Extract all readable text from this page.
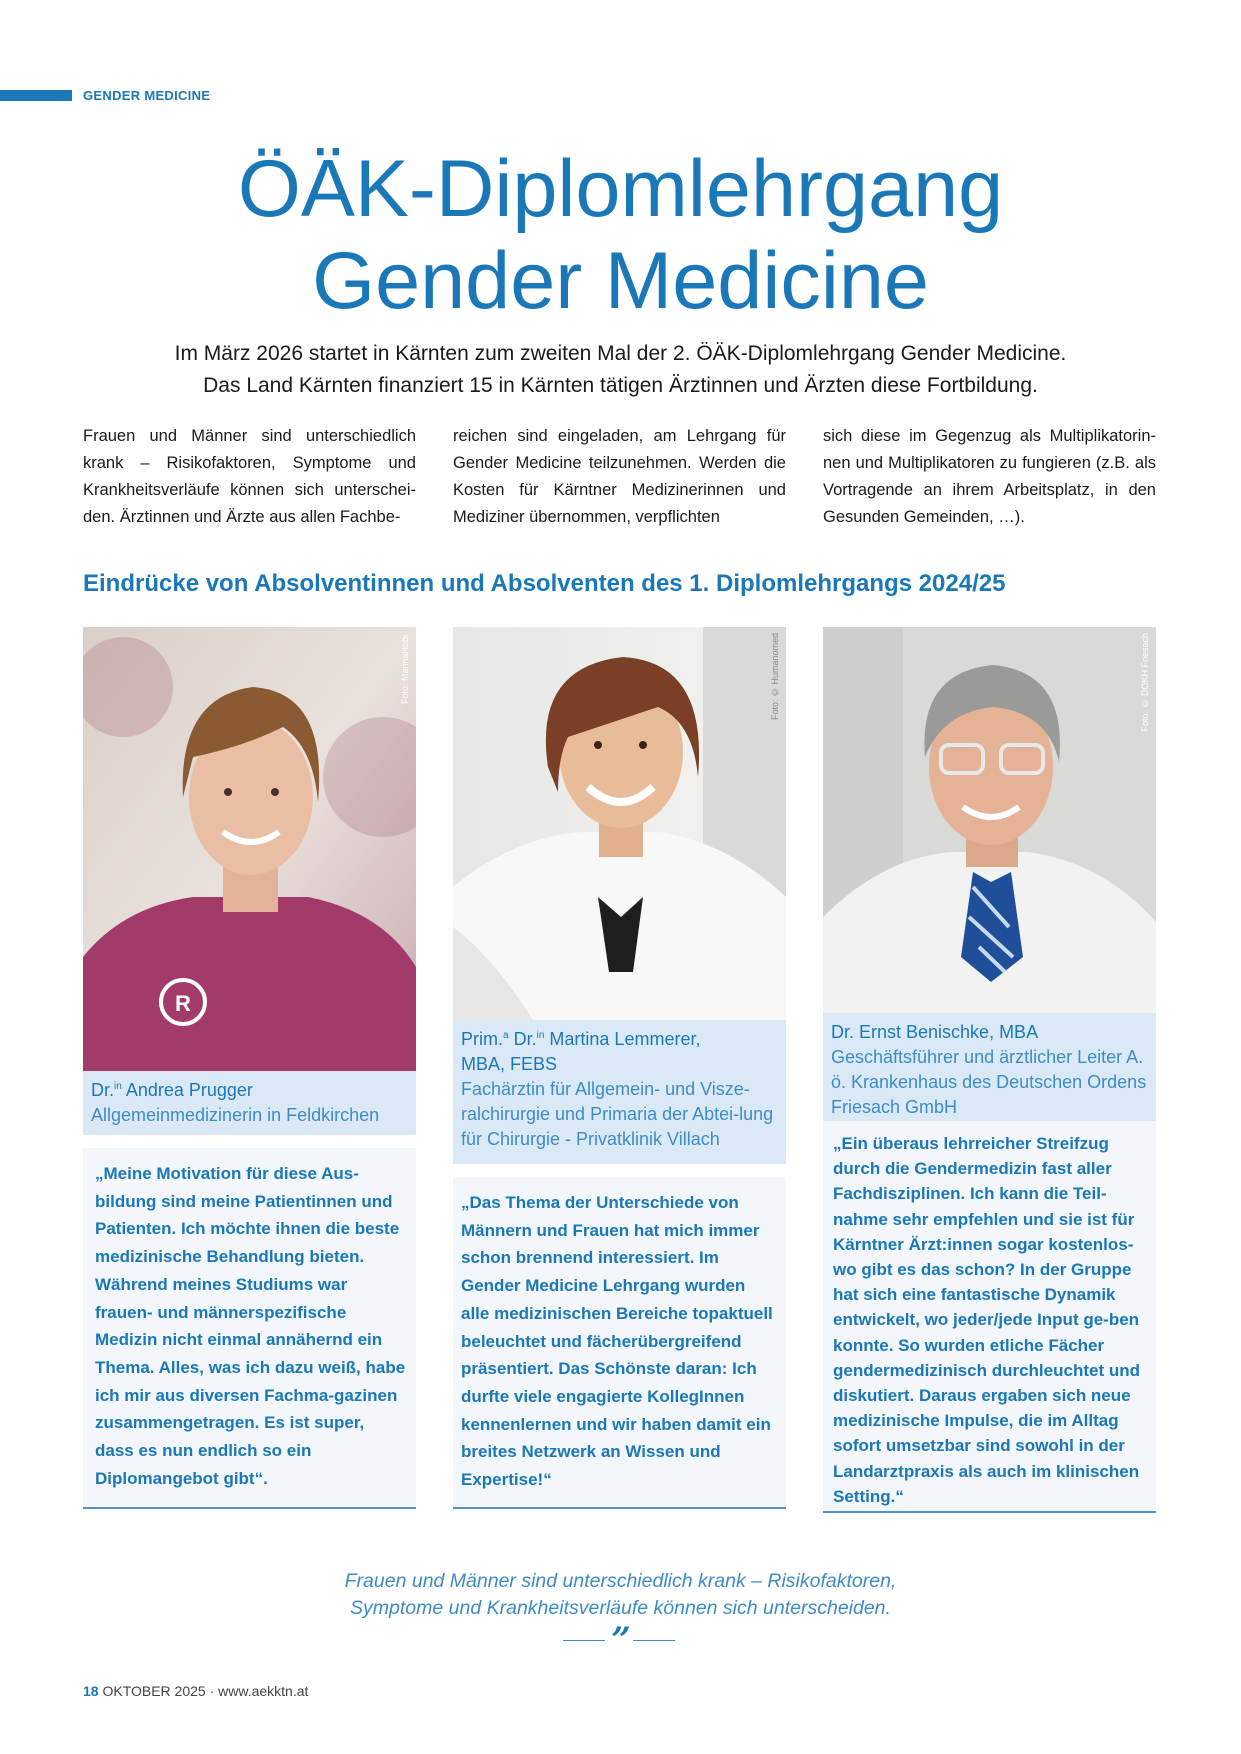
GENDER MEDICINE
ÖÄK-Diplomlehrgang
Gender Medicine
Im März 2026 startet in Kärnten zum zweiten Mal der 2. ÖÄK-Diplomlehrgang Gender Medicine.
Das Land Kärnten finanziert 15 in Kärnten tätigen Ärztinnen und Ärzten diese Fortbildung.

Frauen und Männer sind unterschiedlich krank – Risikofaktoren, Symptome und Krankheitsverläufe können sich unterschei-den. Ärztinnen und Ärzte aus allen Fachbe-

reichen sind eingeladen, am Lehrgang für Gender Medicine teilzunehmen. Werden die Kosten für Kärntner Medizinerinnen und Mediziner übernommen, verpflichten

sich diese im Gegenzug als Multiplikatorin-nen und Multiplikatoren zu fungieren (z.B. als Vortragende an ihrem Arbeitsplatz, in den Gesunden Gemeinden, …).

Eindrücke von Absolventinnen und Absolventen des 1. Diplomlehrgangs 2024/25
R
Foto: MarinaHobi
Dr.$^{in}$ Andrea Prugger
Allgemeinmedizinerin in Feldkirchen
„Meine Motivation für diese Aus-bildung sind meine Patientinnen und Patienten. Ich möchte ihnen die beste medizinische Behandlung bieten. Während meines Studiums war frauen- und männerspezifische Medizin nicht einmal annähernd ein Thema. Alles, was ich dazu weiß, habe ich mir aus diversen Fachma-gazinen zusammengetragen. Es ist super, dass es nun endlich so ein Diplomangebot gibt“.
Foto: © Humanomed
Prim.$^a$ Dr.$^{in}$ Martina Lemmerer,
MBA, FEBS
Fachärztin für Allgemein- und Visze-ralchirurgie und Primaria der Abtei-lung für Chirurgie - Privatklinik Villach
„Das Thema der Unterschiede von Männern und Frauen hat mich immer schon brennend interessiert. Im Gender Medicine Lehrgang wurden alle medizinischen Bereiche topaktuell beleuchtet und fächerübergreifend präsentiert. Das Schönste daran: Ich durfte viele engagierte KollegInnen kennenlernen und wir haben damit ein breites Netzwerk an Wissen und Expertise!“
Foto: © DOKH Friesach
Dr. Ernst Benischke, MBA
Geschäftsführer und ärztlicher Leiter A. ö. Krankenhaus des Deutschen Ordens Friesach GmbH
„Ein überaus lehrreicher Streifzug durch die Gendermedizin fast aller Fachdisziplinen. Ich kann die Teil-nahme sehr empfehlen und sie ist für Kärntner Ärzt:innen sogar kostenlos-wo gibt es das schon? In der Gruppe hat sich eine fantastische Dynamik entwickelt, wo jeder/jede Input ge-ben konnte. So wurden etliche Fächer gendermedizinisch durchleuchtet und diskutiert. Daraus ergaben sich neue medizinische Impulse, die im Alltag sofort umsetzbar sind sowohl in der Landarztpraxis als auch im klinischen Setting.“
Frauen und Männer sind unterschiedlich krank – Risikofaktoren,
Symptome und Krankheitsverläufe können sich unterscheiden.
”
18 OKTOBER 2025 · www.aekktn.at
